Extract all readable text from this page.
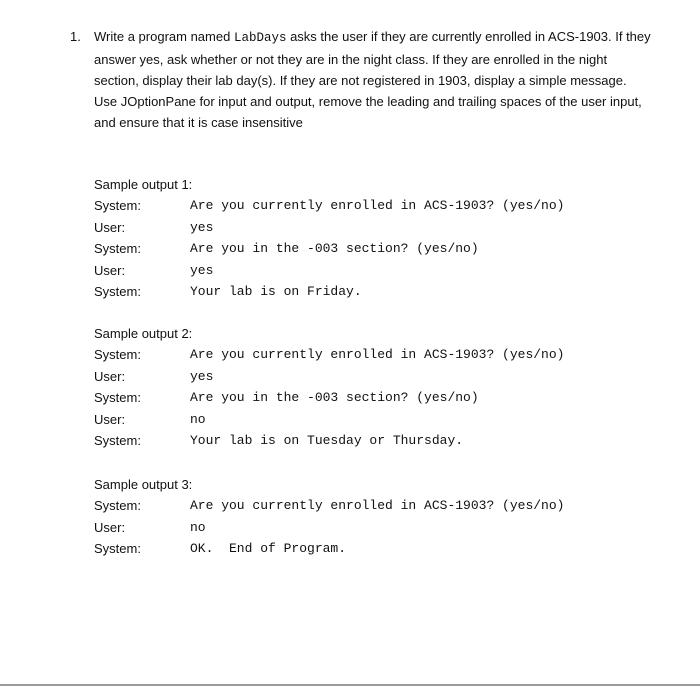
1. Write a program named LabDays asks the user if they are currently enrolled in ACS-1903. If they answer yes, ask whether or not they are in the night class. If they are enrolled in the night section, display their lab day(s). If they are not registered in 1903, display a simple message.
Use JOptionPane for input and output, remove the leading and trailing spaces of the user input, and ensure that it is case insensitive
Sample output 1:
System:	Are you currently enrolled in ACS-1903? (yes/no)
User:	yes
System:	Are you in the -003 section? (yes/no)
User:	yes
System:	Your lab is on Friday.
Sample output 2:
System:	Are you currently enrolled in ACS-1903? (yes/no)
User:	yes
System:	Are you in the -003 section? (yes/no)
User:	no
System:	Your lab is on Tuesday or Thursday.
Sample output 3:
System:	Are you currently enrolled in ACS-1903? (yes/no)
User:	no
System:	OK.  End of Program.
